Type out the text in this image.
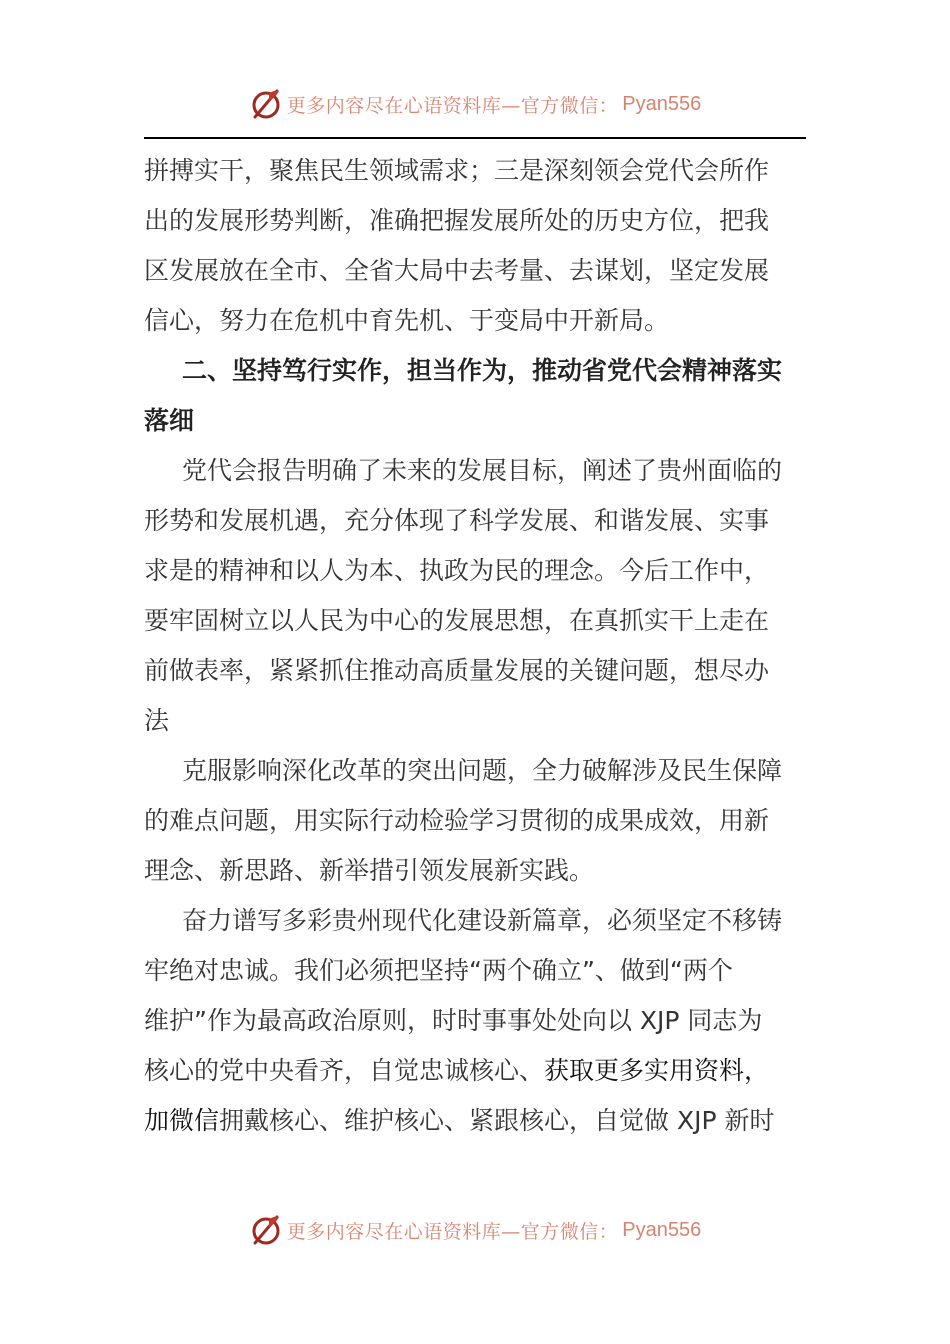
更多内容尽在心语资料库—官方微信： Pyan556
拼搏实干，聚焦民生领域需求；三是深刻领会党代会所作
出的发展形势判断，准确把握发展所处的历史方位，把我
区发展放在全市、全省大局中去考量、去谋划，坚定发展
信心，努力在危机中育先机、于变局中开新局。
二、坚持笃行实作，担当作为，推动省党代会精神落实
落细
党代会报告明确了未来的发展目标，阐述了贵州面临的
形势和发展机遇，充分体现了科学发展、和谐发展、实事
求是的精神和以人为本、执政为民的理念。今后工作中，
要牢固树立以人民为中心的发展思想，在真抓实干上走在
前做表率，紧紧抓住推动高质量发展的关键问题，想尽办
法
克服影响深化改革的突出问题，全力破解涉及民生保障
的难点问题，用实际行动检验学习贯彻的成果成效，用新
理念、新思路、新举措引领发展新实践。
奋力谱写多彩贵州现代化建设新篇章，必须坚定不移铸
牢绝对忠诚。我们必须把坚持“两个确立”、做到“两个
维护”作为最高政治原则，时时事事处处向以 XJP 同志为
核心的党中央看齐，自觉忠诚核心、获取更多实用资料，
加微信拥戴核心、维护核心、紧跟核心，自觉做 XJP 新时
更多内容尽在心语资料库—官方微信： Pyan556
